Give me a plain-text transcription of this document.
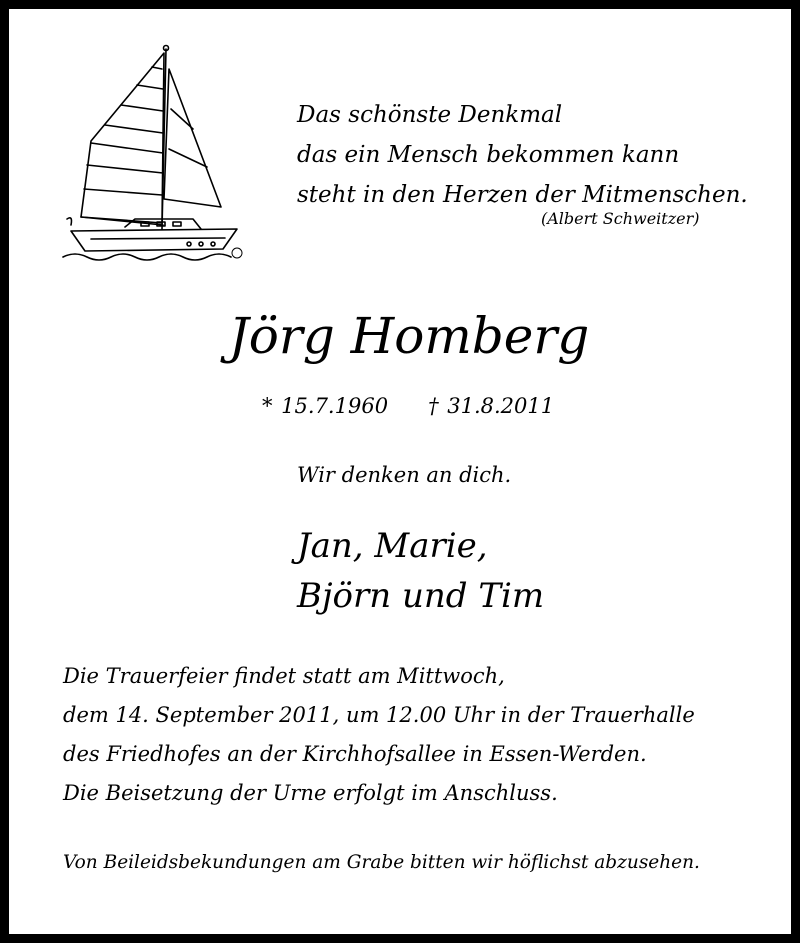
Das schönste Denkmal
das ein Mensch bekommen kann
steht in den Herzen der Mitmenschen.
(Albert Schweitzer)
Jörg Homberg
* 15.7.1960 † 31.8.2011
Wir denken an dich.
Jan, Marie,
Björn und Tim
Die Trauerfeier findet statt am Mittwoch,
dem 14. September 2011, um 12.00 Uhr in der Trauerhalle
des Friedhofes an der Kirchhofsallee in Essen-Werden.
Die Beisetzung der Urne erfolgt im Anschluss.
Von Beileidsbekundungen am Grabe bitten wir höflichst abzusehen.
